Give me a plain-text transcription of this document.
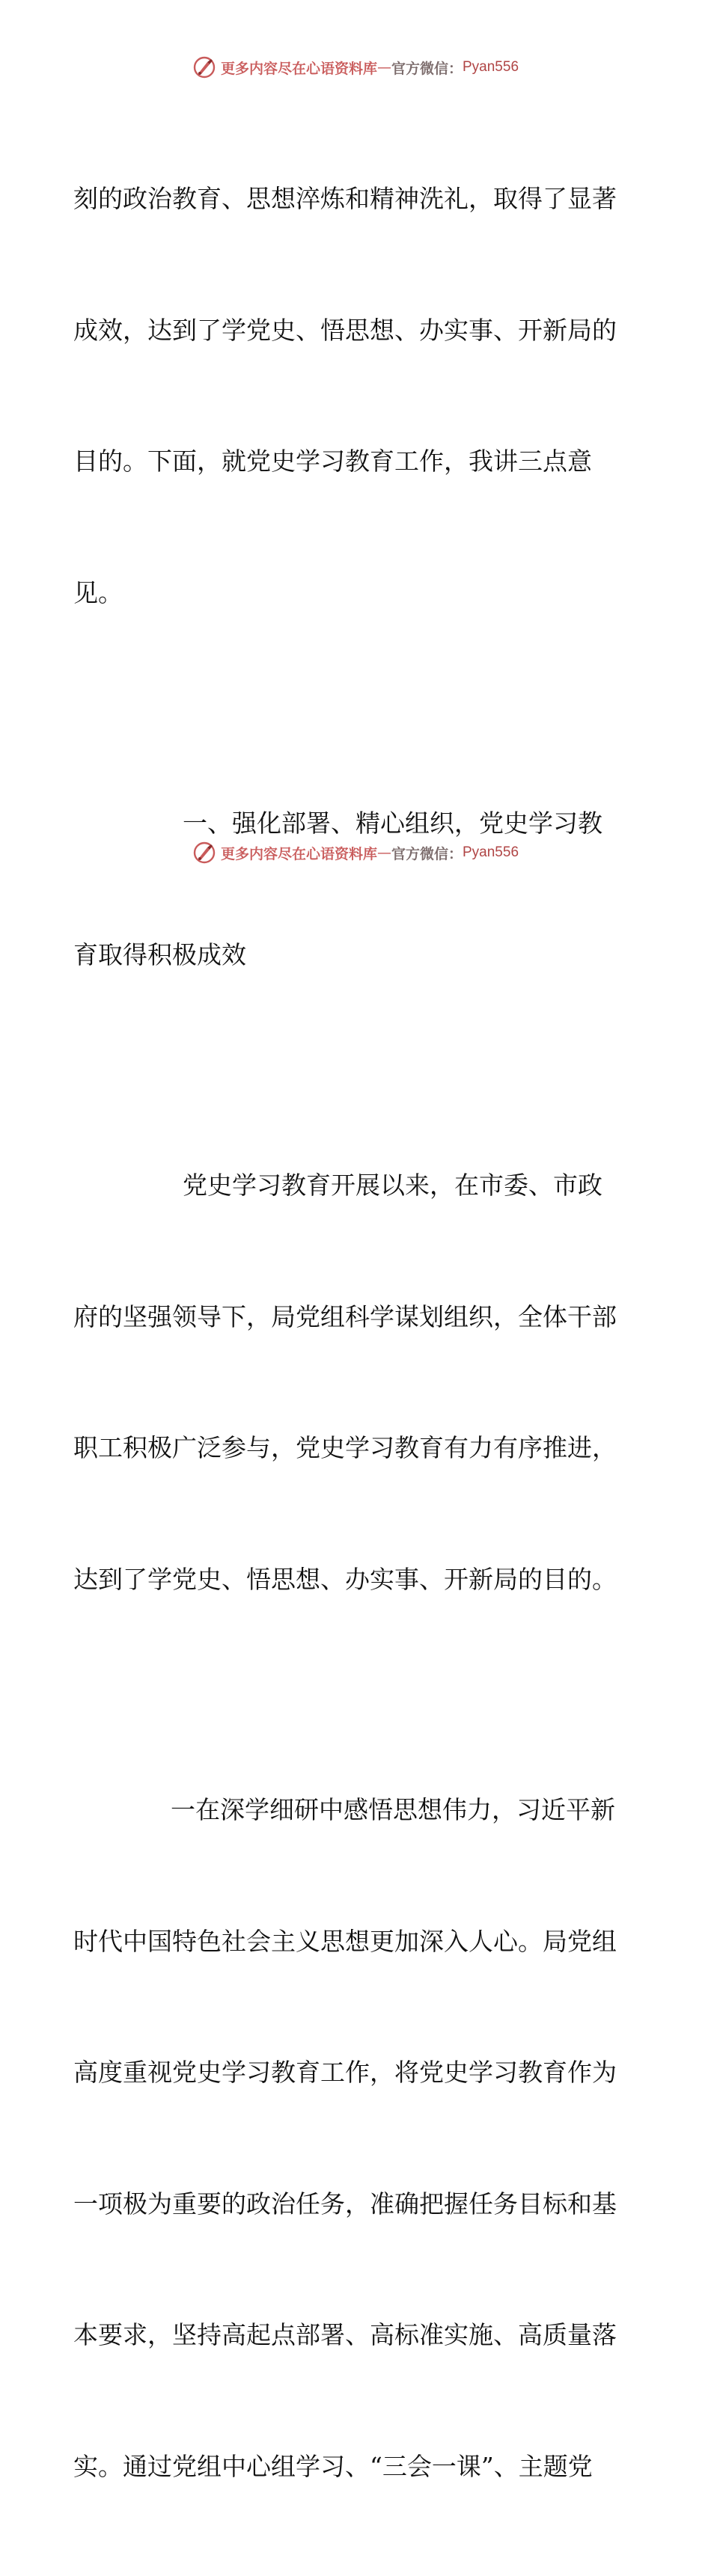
更多内容尽在心语资料库 — 官方微信： Pyan556

刻的政治教育、思想淬炼和精神洗礼，取得了显著

成效，达到了学党史、悟思想、办实事、开新局的

目的。下面，就党史学习教育工作，我讲三点意

见。

一、强化部署、精心组织，党史学习教

育取得积极成效

党史学习教育开展以来，在市委、市政

府的坚强领导下，局党组科学谋划组织，全体干部

职工积极广泛参与，党史学习教育有力有序推进，

达到了学党史、悟思想、办实事、开新局的目的。

一在深学细研中感悟思想伟力，习近平新

时代中国特色社会主义思想更加深入人心。局党组

高度重视党史学习教育工作，将党史学习教育作为

一项极为重要的政治任务，准确把握任务目标和基

本要求，坚持高起点部署、高标准实施、高质量落

实。通过党组中心组学习、“三会一课”、主题党

更多内容尽在心语资料库 — 官方微信： Pyan556
